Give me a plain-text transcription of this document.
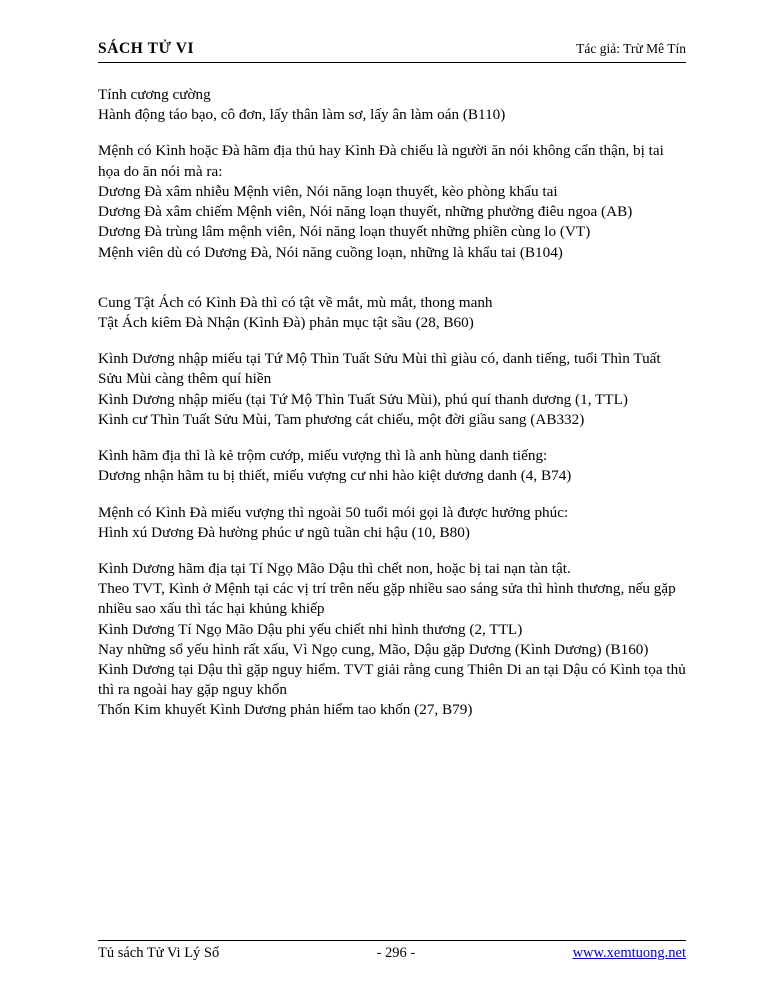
SÁCH TỬ VI	Tác giả: Trừ Mê Tín
Tính cương cường
Hành động táo bạo, cô đơn, lấy thân làm sơ, lấy ân làm oán (B110)
Mệnh có Kình hoặc Đà hãm địa thủ hay Kình Đà chiếu là người ăn nói không cẩn thận, bị tai họa do ăn nói mà ra:
Dương Đà xâm nhiễu Mệnh viên, Nói năng loạn thuyết, kèo phòng khẩu tai
Dương Đà xâm chiếm Mệnh viên, Nói năng loạn thuyết, những phường điêu ngoa (AB)
Dương Đà trùng lâm mệnh viên, Nói năng loạn thuyết những phiền cùng lo (VT)
Mệnh viên dù có Dương Đà, Nói năng cuồng loạn, những là khẩu tai (B104)
Cung Tật Ách có Kình Đà thì có tật về mắt, mù mắt, thong manh
Tật Ách kiêm Đà Nhận (Kình Đà) phản mục tật sầu (28, B60)
Kình Dương nhập miếu tại Tứ Mộ Thìn Tuất Sửu Mùi thì giàu có, danh tiếng, tuổi Thìn Tuất Sửu Mùi càng thêm quí hiền
Kình Dương nhập miếu (tại Tứ Mộ Thìn Tuất Sửu Mùi), phú quí thanh dương (1, TTL)
Kình cư Thìn Tuất Sửu Mùi, Tam phương cát chiếu, một đời giầu sang (AB332)
Kình hãm địa thì là kẻ trộm cướp, miếu vượng thì là anh hùng danh tiếng:
Dương nhận hãm tu bị thiết, miếu vượng cư nhi hào kiệt dương danh (4, B74)
Mệnh có Kình Đà miếu vượng thì ngoài 50 tuổi mói gọi là được hưởng phúc:
Hình xú Dương Đà hường phúc ư ngũ tuần chi hậu (10, B80)
Kình Dương hãm địa tại Tí Ngọ Mão Dậu thì chết non, hoặc bị tai nạn tàn tật.
Theo TVT, Kình ở Mệnh tại các vị trí trên nếu gặp nhiều sao sáng sửa thì hình thương, nếu gặp nhiều sao xấu thì tác hại khủng khiếp
Kình Dương Tí Ngọ Mão Dậu phi yếu chiết nhi hình thương (2, TTL)
Nay những số yếu hình rất xấu, Vì Ngọ cung, Mão, Dậu gặp Dương (Kình Dương) (B160)
Kình Dương tại Dậu thì gặp nguy hiểm. TVT giải rằng cung Thiên Di an tại Dậu có Kình tọa thủ thì ra ngoài hay gặp nguy khốn
Thốn Kim khuyết Kình Dương phản hiểm tao khốn (27, B79)
Tủ sách Tử Vi Lý Số	- 296 -	www.xemtuong.net
